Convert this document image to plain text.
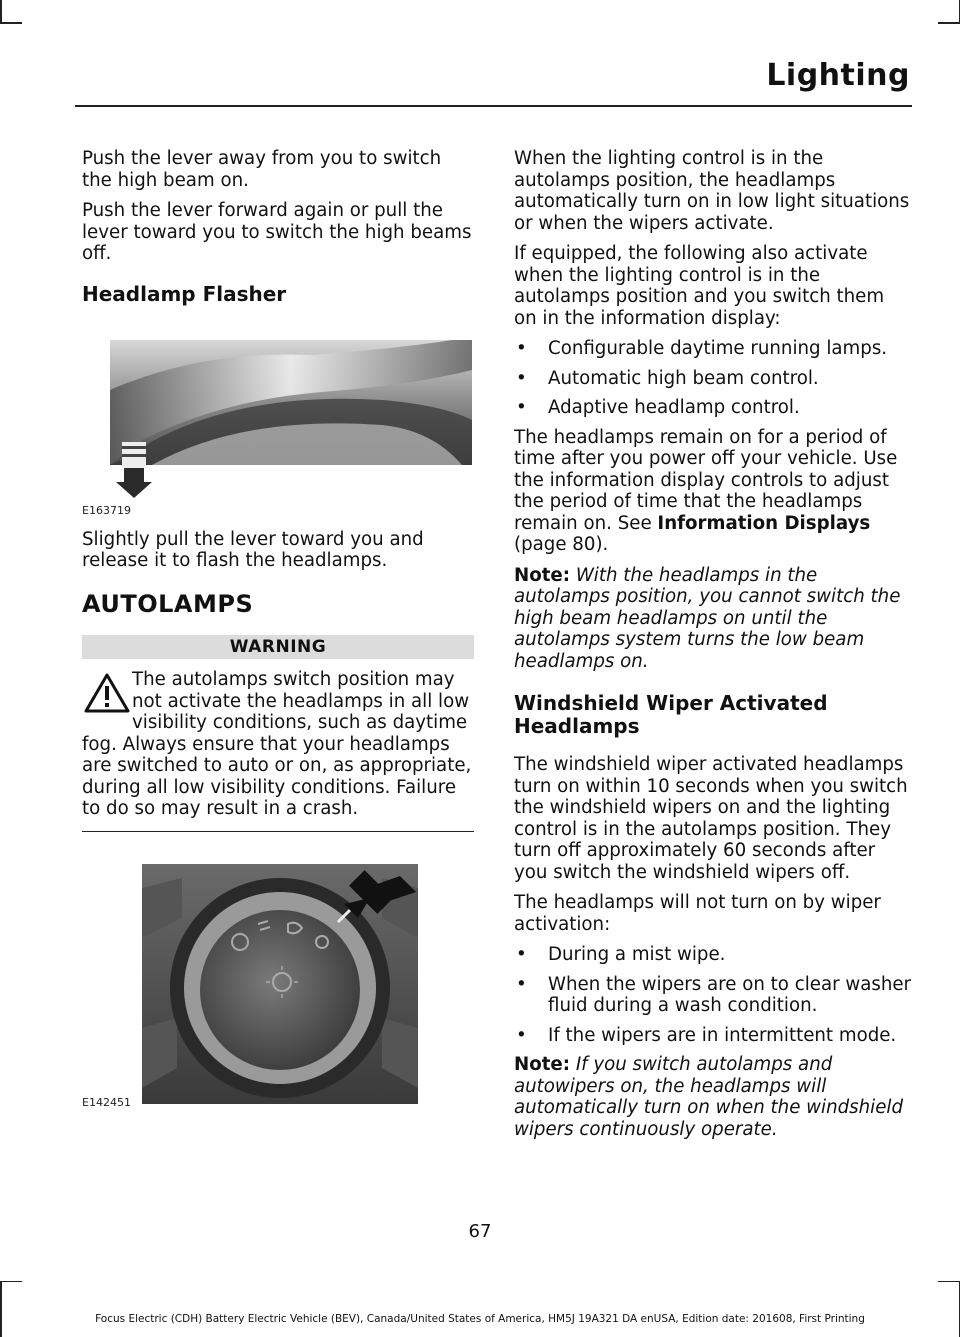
Lighting

Push the lever away from you to switch the high beam on.

Push the lever forward again or pull the lever toward you to switch the high beams off.

Headlamp Flasher
E163719

Slightly pull the lever toward you and release it to flash the headlamps.

AUTOLAMPS
WARNING
The autolamps switch position may not activate the headlamps in all low visibility conditions, such as daytime fog. Always ensure that your headlamps are switched to auto or on, as appropriate, during all low visibility conditions. Failure to do so may result in a crash.
E142451

When the lighting control is in the autolamps position, the headlamps automatically turn on in low light situations or when the wipers activate.

If equipped, the following also activate when the lighting control is in the autolamps position and you switch them on in the information display:

• Configurable daytime running lamps.
• Automatic high beam control.
• Adaptive headlamp control.

The headlamps remain on for a period of time after you power off your vehicle. Use the information display controls to adjust the period of time that the headlamps remain on. See Information Displays (page 80).

Note: With the headlamps in the autolamps position, you cannot switch the high beam headlamps on until the autolamps system turns the low beam headlamps on.

Windshield Wiper Activated Headlamps

The windshield wiper activated headlamps turn on within 10 seconds when you switch the windshield wipers on and the lighting control is in the autolamps position. They turn off approximately 60 seconds after you switch the windshield wipers off.

The headlamps will not turn on by wiper activation:

• During a mist wipe.
• When the wipers are on to clear washer fluid during a wash condition.
• If the wipers are in intermittent mode.

Note: If you switch autolamps and autowipers on, the headlamps will automatically turn on when the windshield wipers continuously operate.

67
Focus Electric (CDH) Battery Electric Vehicle (BEV), Canada/United States of America, HM5J 19A321 DA enUSA, Edition date: 201608, First Printing
